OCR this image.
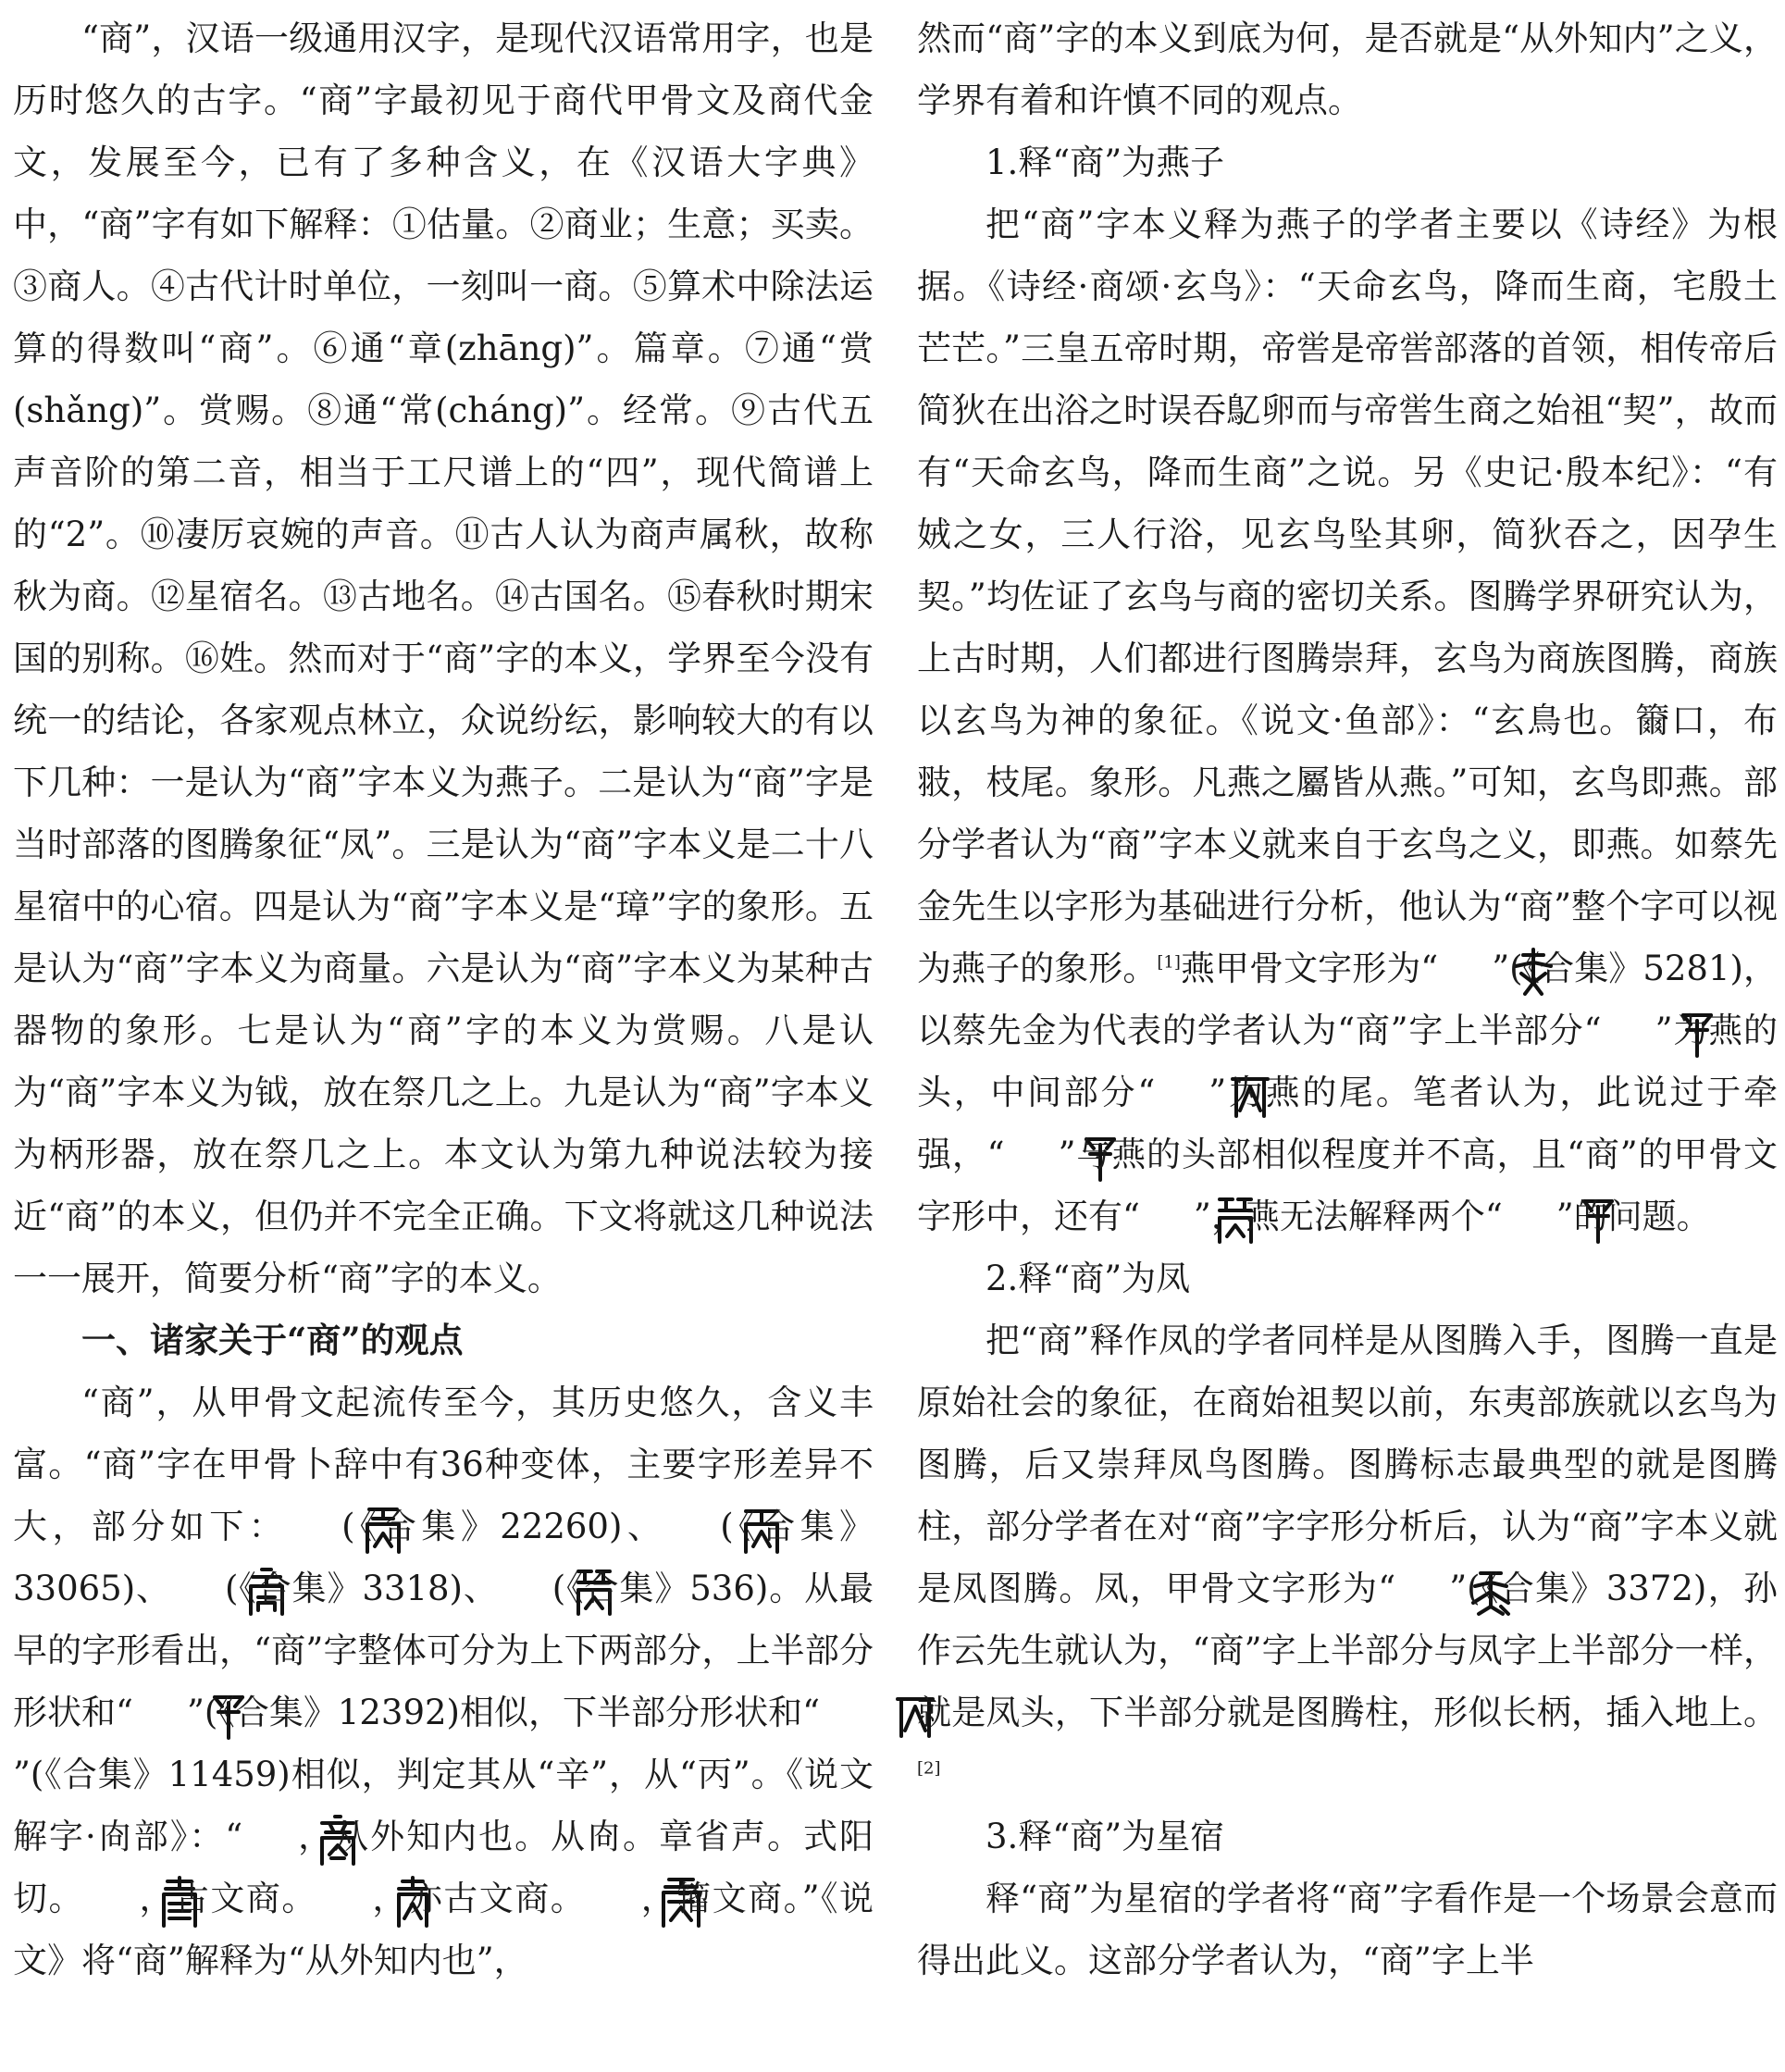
“商”，汉语一级通用汉字，是现代汉语常用字，也是历时悠久的古字。“商”字最初见于商代甲骨文及商代金文，发展至今，已有了多种含义，在《汉语大字典》中，“商”字有如下解释：①估量。②商业；生意；买卖。③商人。④古代计时单位，一刻叫一商。⑤算术中除法运算的得数叫“商”。⑥通“章(zhāng)”。篇章。⑦通“赏(shǎng)”。赏赐。⑧通“常(cháng)”。经常。⑨古代五声音阶的第二音，相当于工尺谱上的“四”，现代简谱上的“2”。⑩凄厉哀婉的声音。⑪古人认为商声属秋，故称秋为商。⑫星宿名。⑬古地名。⑭古国名。⑮春秋时期宋国的别称。⑯姓。然而对于“商”字的本义，学界至今没有统一的结论，各家观点林立，众说纷纭，影响较大的有以下几种：一是认为“商”字本义为燕子。二是认为“商”字是当时部落的图腾象征“凤”。三是认为“商”字本义是二十八星宿中的心宿。四是认为“商”字本义是“璋”字的象形。五是认为“商”字本义为商量。六是认为“商”字本义为某种古器物的象形。七是认为“商”字的本义为赏赐。八是认为“商”字本义为钺，放在祭几之上。九是认为“商”字本义为柄形器，放在祭几之上。本文认为第九种说法较为接近“商”的本义，但仍并不完全正确。下文将就这几种说法一一展开，简要分析“商”字的本义。

一、诸家关于“商”的观点

“商”，从甲骨文起流传至今，其历史悠久，含义丰富。“商”字在甲骨卜辞中有36种变体，主要字形差异不大，部分如下： (《合集》22260)、 (《合集》33065)、 (《合集》3318)、 (《合集》536)。从最早的字形看出，“商”字整体可分为上下两部分，上半部分形状和“ ”(《合集》12392)相似，下半部分形状和“”(《合集》11459)相似，判定其从“辛”，从“丙”。《说文解字·㕯部》：“ ，从外知内也。从㕯。章省声。式阳切。 ，古文商。 ，亦古文商。 ，籀文商。”《说文》将“商”解释为“从外知内也”，

然而“商”字的本义到底为何，是否就是“从外知内”之义，学界有着和许慎不同的观点。

1.释“商”为燕子

把“商”字本义释为燕子的学者主要以《诗经》为根据。《诗经·商颂·玄鸟》：“天命玄鸟，降而生商，宅殷土芒芒。”三皇五帝时期，帝喾是帝喾部落的首领，相传帝后简狄在出浴之时误吞鳦卵而与帝喾生商之始祖“契”，故而有“天命玄鸟，降而生商”之说。另《史记·殷本纪》：“有娀之女，三人行浴，见玄鸟坠其卵，简狄吞之，因孕生契。”均佐证了玄鸟与商的密切关系。图腾学界研究认为，上古时期，人们都进行图腾崇拜，玄鸟为商族图腾，商族以玄鸟为神的象征。《说文·鱼部》：“玄鳥也。籋口，布翄，枝尾。象形。凡燕之屬皆从燕。”可知，玄鸟即燕。部分学者认为“商”字本义就来自于玄鸟之义，即燕。如蔡先金先生以字形为基础进行分析，他认为“商”整个字可以视为燕子的象形。[1]燕甲骨文字形为“ ”(《合集》5281)，以蔡先金为代表的学者认为“商”字上半部分“ ”为燕的头，中间部分“ ”为燕的尾。笔者认为，此说过于牵强，“ ”与燕的头部相似程度并不高，且“商”的甲骨文字形中，还有“ ”，燕无法解释两个“ ”的问题。

2.释“商”为凤

把“商”释作凤的学者同样是从图腾入手，图腾一直是原始社会的象征，在商始祖契以前，东夷部族就以玄鸟为图腾，后又崇拜凤鸟图腾。图腾标志最典型的就是图腾柱，部分学者在对“商”字字形分析后，认为“商”字本义就是凤图腾。凤，甲骨文字形为“ ”(《合集》3372)，孙作云先生就认为，“商”字上半部分与凤字上半部分一样，就是凤头，下半部分就是图腾柱，形似长柄，插入地上。[2]

3.释“商”为星宿

释“商”为星宿的学者将“商”字看作是一个场景会意而得出此义。这部分学者认为，“商”字上半
